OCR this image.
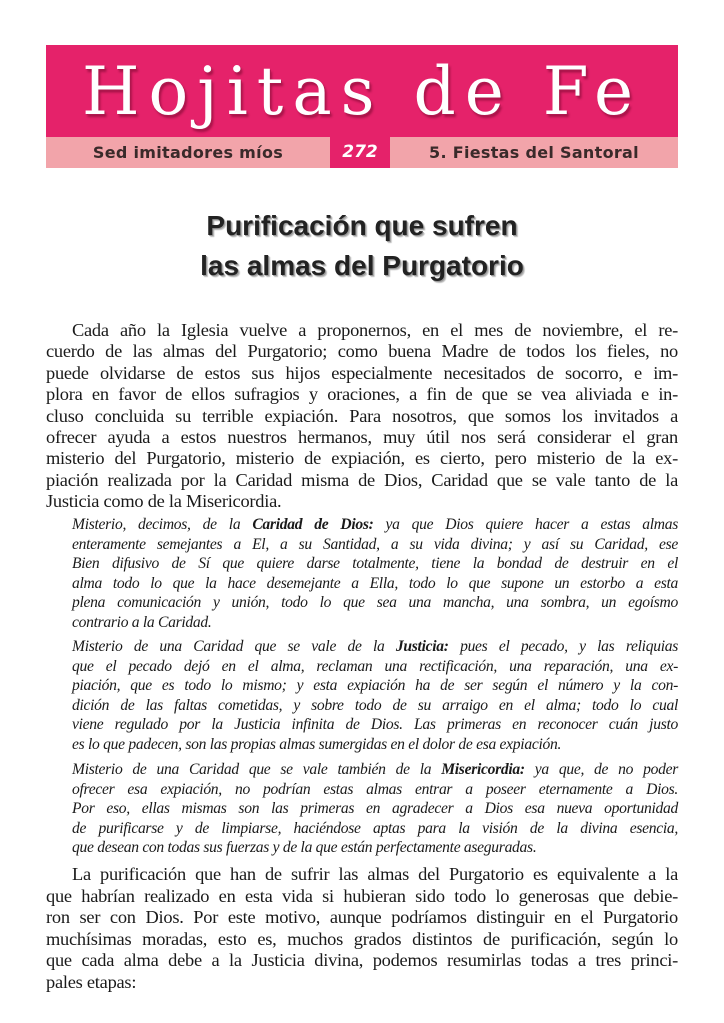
Hojitas de Fe
Sed imitadores míos	272	5. Fiestas del Santoral
Purificación que sufren
las almas del Purgatorio
Cada año la Iglesia vuelve a proponernos, en el mes de noviembre, el re-
cuerdo de las almas del Purgatorio; como buena Madre de todos los fieles, no
puede olvidarse de estos sus hijos especialmente necesitados de socorro, e im-
plora en favor de ellos sufragios y oraciones, a fin de que se vea aliviada e in-
cluso concluida su terrible expiación. Para nosotros, que somos los invitados a
ofrecer ayuda a estos nuestros hermanos, muy útil nos será considerar el gran
misterio del Purgatorio, misterio de expiación, es cierto, pero misterio de la ex-
piación realizada por la Caridad misma de Dios, Caridad que se vale tanto de la
Justicia como de la Misericordia.
Misterio, decimos, de la Caridad de Dios: ya que Dios quiere hacer a estas almas
enteramente semejantes a El, a su Santidad, a su vida divina; y así su Caridad, ese
Bien difusivo de Sí que quiere darse totalmente, tiene la bondad de destruir en el
alma todo lo que la hace desemejante a Ella, todo lo que supone un estorbo a esta
plena comunicación y unión, todo lo que sea una mancha, una sombra, un egoísmo
contrario a la Caridad.
Misterio de una Caridad que se vale de la Justicia: pues el pecado, y las reliquias
que el pecado dejó en el alma, reclaman una rectificación, una reparación, una ex-
piación, que es todo lo mismo; y esta expiación ha de ser según el número y la con-
dición de las faltas cometidas, y sobre todo de su arraigo en el alma; todo lo cual
viene regulado por la Justicia infinita de Dios. Las primeras en reconocer cuán justo
es lo que padecen, son las propias almas sumergidas en el dolor de esa expiación.
Misterio de una Caridad que se vale también de la Misericordia: ya que, de no poder
ofrecer esa expiación, no podrían estas almas entrar a poseer eternamente a Dios.
Por eso, ellas mismas son las primeras en agradecer a Dios esa nueva oportunidad
de purificarse y de limpiarse, haciéndose aptas para la visión de la divina esencia,
que desean con todas sus fuerzas y de la que están perfectamente aseguradas.
La purificación que han de sufrir las almas del Purgatorio es equivalente a la
que habrían realizado en esta vida si hubieran sido todo lo generosas que debie-
ron ser con Dios. Por este motivo, aunque podríamos distinguir en el Purgatorio
muchísimas moradas, esto es, muchos grados distintos de purificación, según lo
que cada alma debe a la Justicia divina, podemos resumirlas todas a tres princi-
pales etapas:
